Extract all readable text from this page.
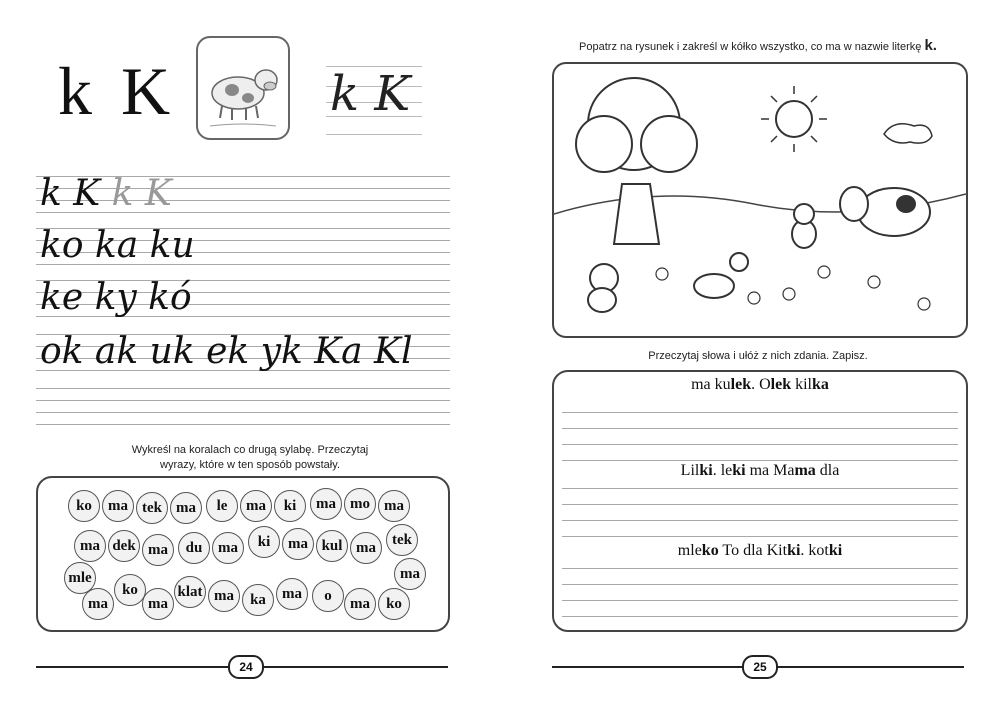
k K	k K
k K k K
ko ka ku
ke ky kó
ok ak uk ek yk Ka Kl
Wykreśl na koralach co drugą sylabę. Przeczytaj
wyrazy, które w ten sposób powstały.
ko	ma tek ma	le	ma	ki	ma mo ma
ma dek ma	du	ma	ki	ma kul ma	tek
mle
ko
ma
klat ma	ka	ma	o	ma	ko
ma
ma
24
Popatrz na rysunek i zakreśl w kółko wszystko, co ma w nazwie literkę k.
Przeczytaj słowa i ułóż z nich zdania. Zapisz.
ma kulek. Olek kilka
Lilki. leki ma Mama dla
mleko To dla Kitki. kotki
25
